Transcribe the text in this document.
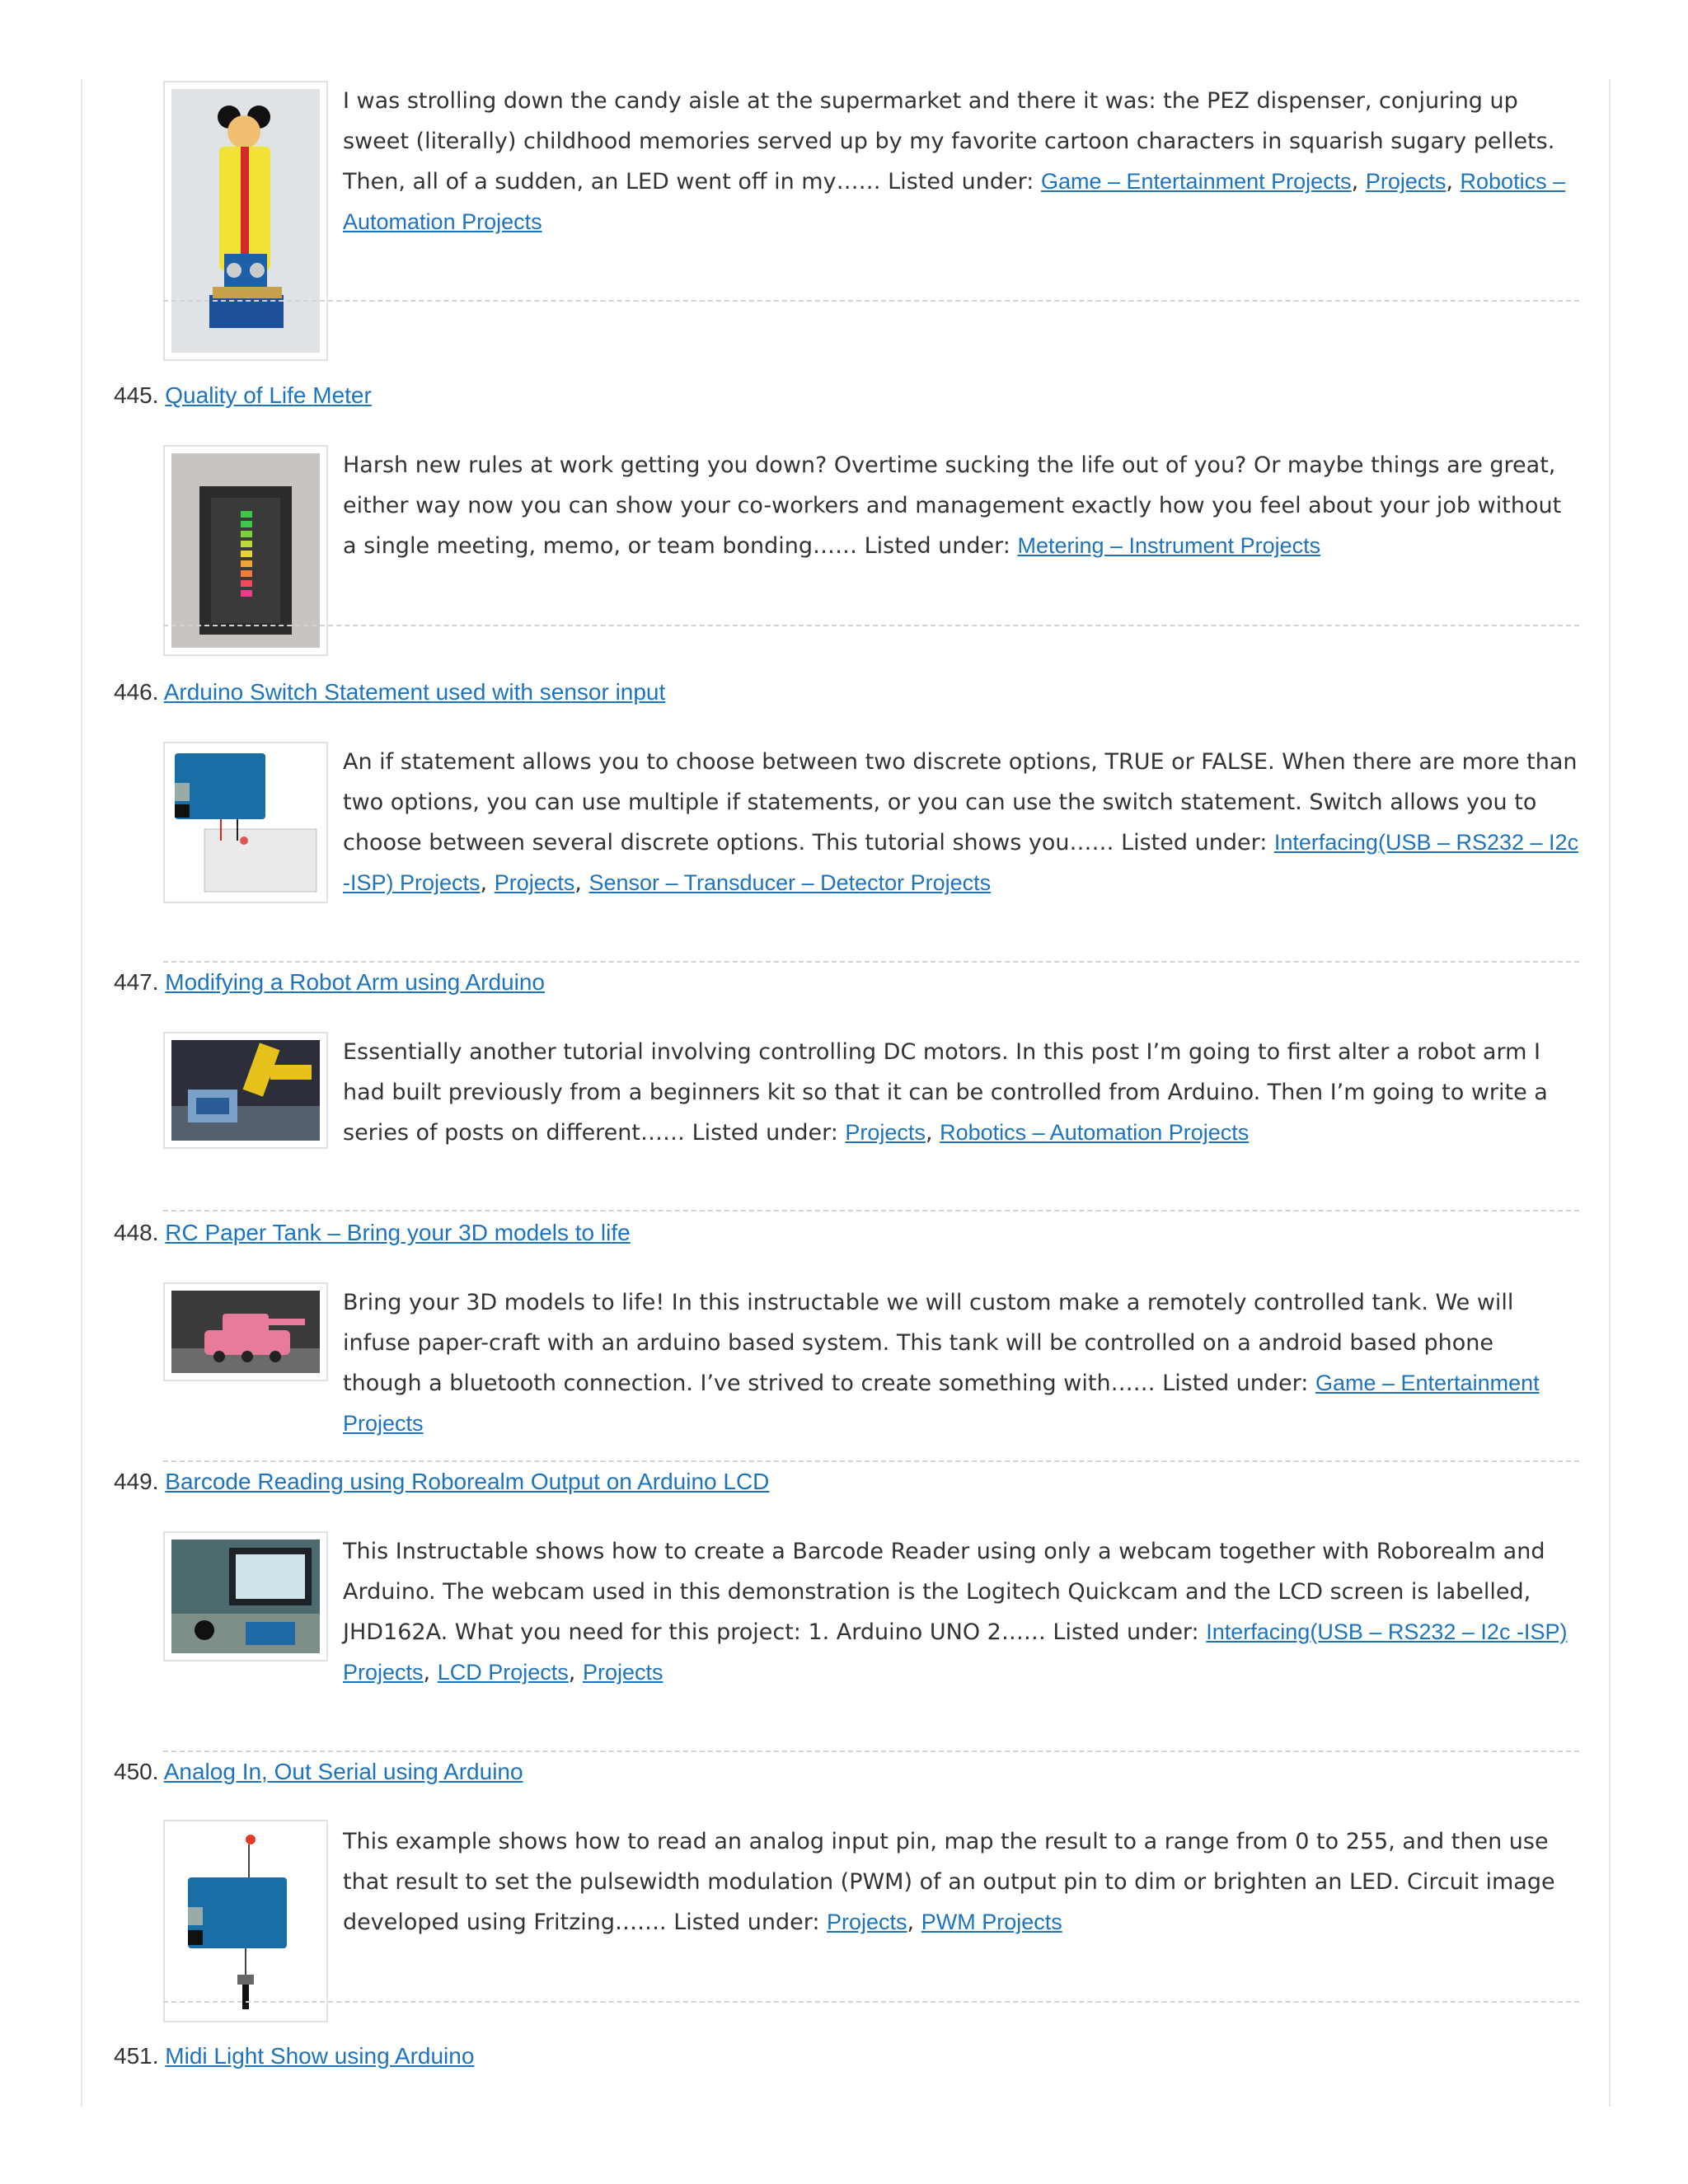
I was strolling down the candy aisle at the supermarket and there it was: the PEZ dispenser, conjuring up sweet (literally) childhood memories served up by my favorite cartoon characters in squarish sugary pellets. Then, all of a sudden, an LED went off in my…… Listed under: Game – Entertainment Projects, Projects, Robotics – Automation Projects
445. Quality of Life Meter
Harsh new rules at work getting you down? Overtime sucking the life out of you? Or maybe things are great, either way now you can show your co-workers and management exactly how you feel about your job without a single meeting, memo, or team bonding…… Listed under: Metering – Instrument Projects
446. Arduino Switch Statement used with sensor input
An if statement allows you to choose between two discrete options, TRUE or FALSE. When there are more than two options, you can use multiple if statements, or you can use the switch statement. Switch allows you to choose between several discrete options. This tutorial shows you…… Listed under: Interfacing(USB – RS232 – I2c -ISP) Projects, Projects, Sensor – Transducer – Detector Projects
447. Modifying a Robot Arm using Arduino
Essentially another tutorial involving controlling DC motors. In this post I’m going to first alter a robot arm I had built previously from a beginners kit so that it can be controlled from Arduino. Then I’m going to write a series of posts on different…… Listed under: Projects, Robotics – Automation Projects
448. RC Paper Tank – Bring your 3D models to life
Bring your 3D models to life! In this instructable we will custom make a remotely controlled tank. We will infuse paper-craft with an arduino based system. This tank will be controlled on a android based phone though a bluetooth connection. I’ve strived to create something with…… Listed under: Game – Entertainment Projects
449. Barcode Reading using Roborealm Output on Arduino LCD
This Instructable shows how to create a Barcode Reader using only a webcam together with Roborealm and Arduino. The webcam used in this demonstration is the Logitech Quickcam and the LCD screen is labelled, JHD162A. What you need for this project: 1. Arduino UNO 2…… Listed under: Interfacing(USB – RS232 – I2c -ISP) Projects, LCD Projects, Projects
450. Analog In, Out Serial using Arduino
This example shows how to read an analog input pin, map the result to a range from 0 to 255, and then use that result to set the pulsewidth modulation (PWM) of an output pin to dim or brighten an LED. Circuit image developed using Fritzing……. Listed under: Projects, PWM Projects
451. Midi Light Show using Arduino
